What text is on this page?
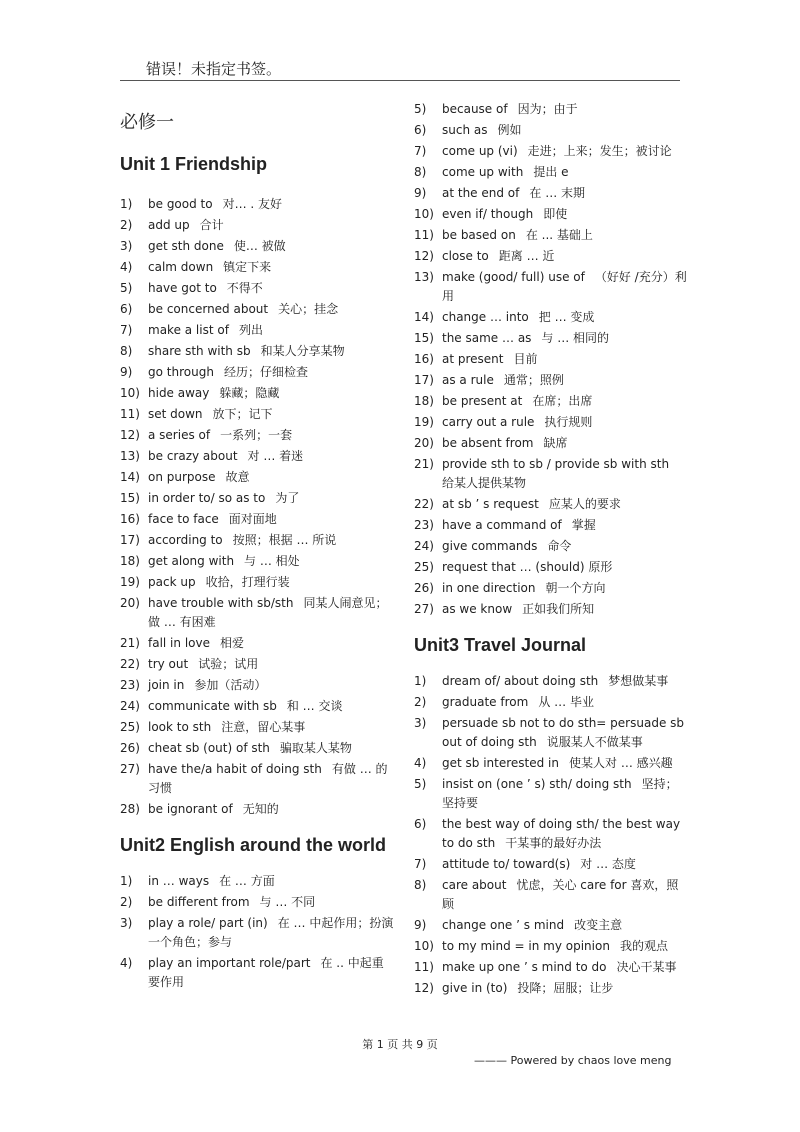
错误！未指定书签。
必修一
Unit 1 Friendship
1)	be good to 对… . 友好
2)	add up 合计
3)	get sth done 使… 被做
4)	calm down 镇定下来
5)	have got to 不得不
6)	be concerned about 关心；挂念
7)	make a list of 列出
8)	share sth with sb 和某人分享某物
9)	go through 经历；仔细检查
10) hide away 躲藏；隐藏
11) set down 放下；记下
12) a series of 一系列；一套
13) be crazy about 对 … 着迷
14) on purpose 故意
15) in order to/ so as to 为了
16) face to face 面对面地
17) according to 按照；根据 … 所说
18) get along with 与 … 相处
19) pack up 收拾，打理行装
20) have trouble with sb/sth 同某人闹意见；做 … 有困难
21) fall in love 相爱
22) try out 试验；试用
23) join in 参加（活动）
24) communicate with sb 和 … 交谈
25) look to sth 注意，留心某事
26) cheat sb (out) of sth 骗取某人某物
27) have the/a habit of doing sth 有做 … 的习惯
28) be ignorant of 无知的
Unit2 English around the world
1)	in … ways 在 … 方面
2)	be different from 与 … 不同
3)	play a role/ part (in) 在 … 中起作用；扮演一个角色；参与
4)	play an important role/part 在 .. 中起重要作用
5)	because of 因为；由于
6)	such as 例如
7)	come up (vi) 走进；上来；发生；被讨论
8)	come up with 提出 e
9)	at the end of 在 … 末期
10) even if/ though 即使
11) be based on 在 ... 基础上
12) close to 距离 … 近
13) make (good/ full) use of （好好 /充分）利用
14) change … into 把 … 变成
15) the same … as 与 … 相同的
16) at present 目前
17) as a rule 通常；照例
18) be present at 在席；出席
19) carry out a rule 执行规则
20) be absent from 缺席
21) provide sth to sb / provide sb with sth给某人提供某物
22) at sb ’ s request 应某人的要求
23) have a command of 掌握
24) give commands 命令
25) request that … (should) 原形
26) in one direction 朝一个方向
27) as we know 正如我们所知
Unit3 Travel Journal
1)	dream of/ about doing sth 梦想做某事
2)	graduate from 从 … 毕业
3)	persuade sb not to do sth= persuade sb out of doing sth 说服某人不做某事
4)	get sb interested in 使某人对 … 感兴趣
5)	insist on (one ’ s) sth/ doing sth 坚持；坚持要
6)	the best way of doing sth/ the best way to do sth 干某事的最好办法
7)	attitude to/ toward(s) 对 … 态度
8)	care about 忧虑，关心 care for 喜欢，照顾
9)	change one ’ s mind 改变主意
10) to my mind = in my opinion 我的观点
11) make up one ’ s mind to do 决心干某事
12) give in (to) 投降；屈服；让步
第 1 页 共 9 页
——— Powered by chaos love meng
